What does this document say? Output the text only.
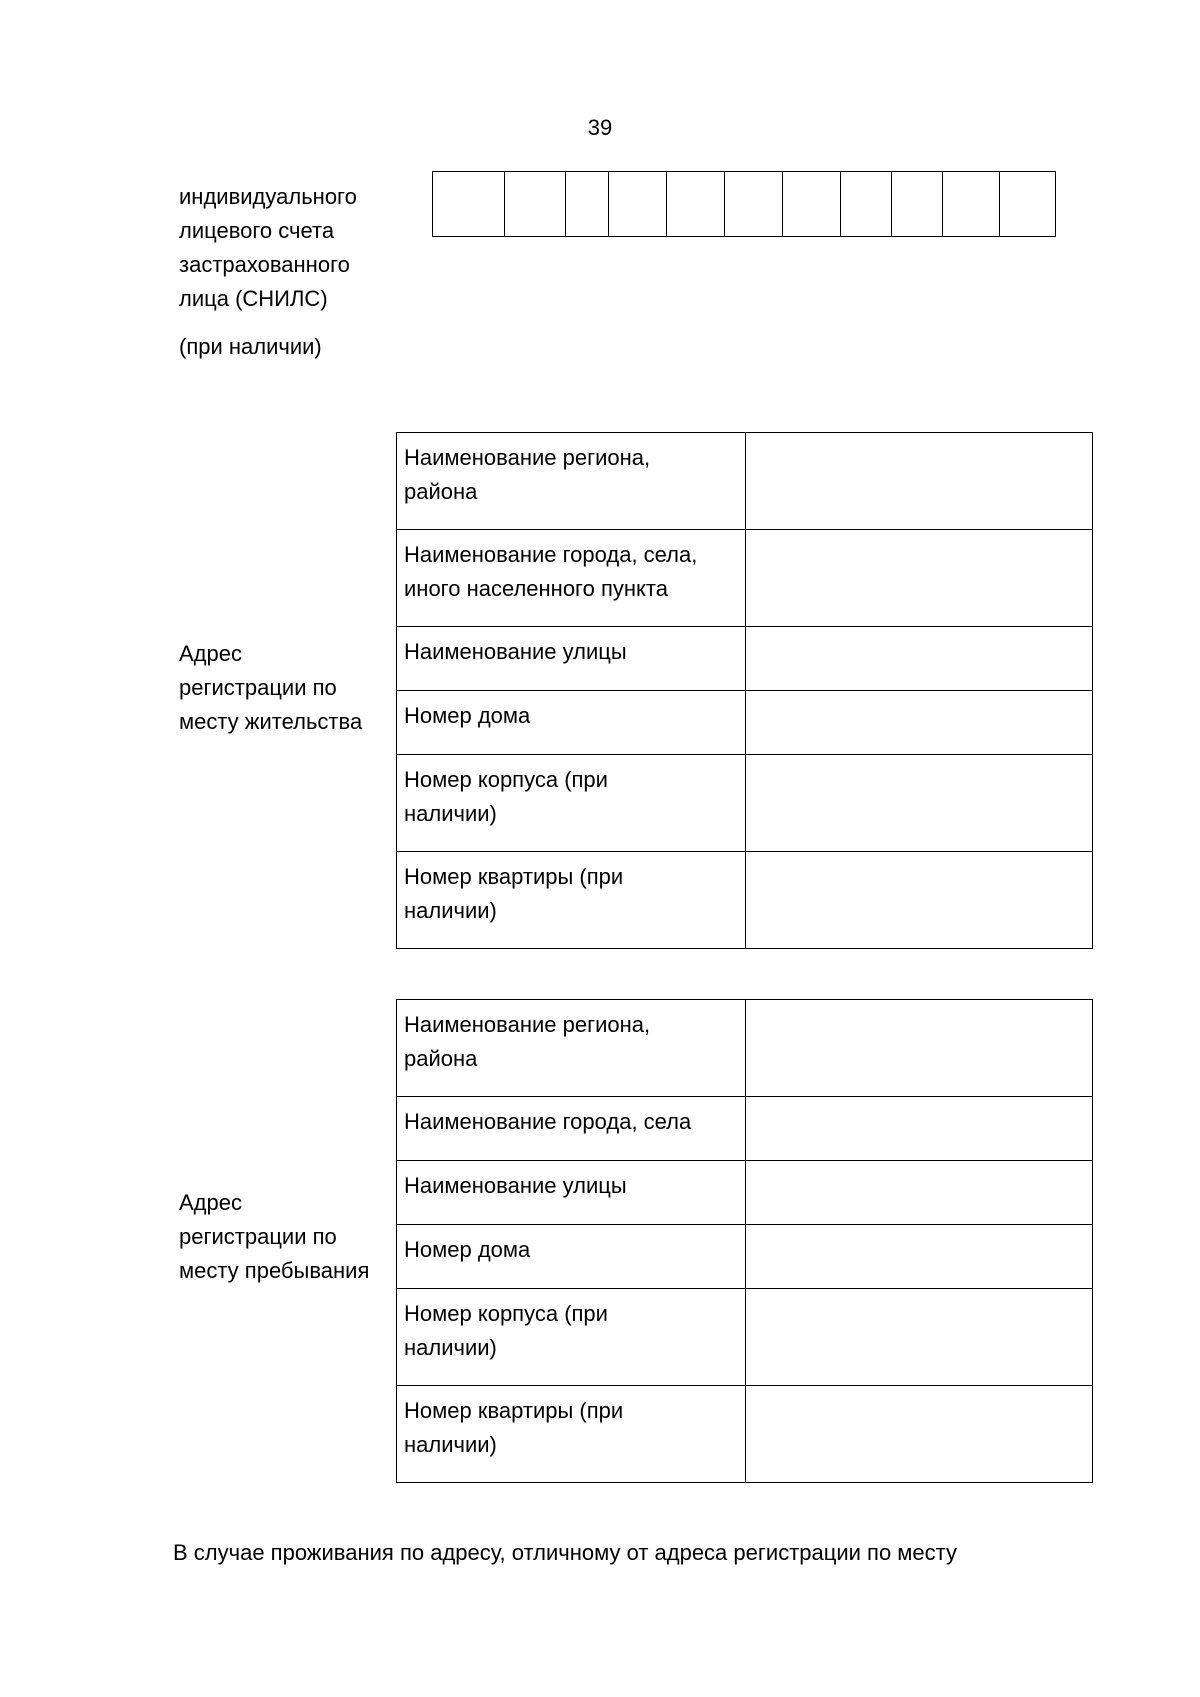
39
индивидуального
лицевого счета
застрахованного
лица (СНИЛС)
(при наличии)
Адрес
регистрации по
месту жительства
Наименование региона,
района	

Наименование города, села,
иного населенного пункта	

Наименование улицы	

Номер дома	

Номер корпуса (при
наличии)	

Номер квартиры (при
наличии)	

Адрес
регистрации по
месту пребывания
Наименование региона,
района	

Наименование города, села	

Наименование улицы	

Номер дома	

Номер корпуса (при
наличии)	

Номер квартиры (при
наличии)	

В случае проживания по адресу, отличному от адреса регистрации по месту
